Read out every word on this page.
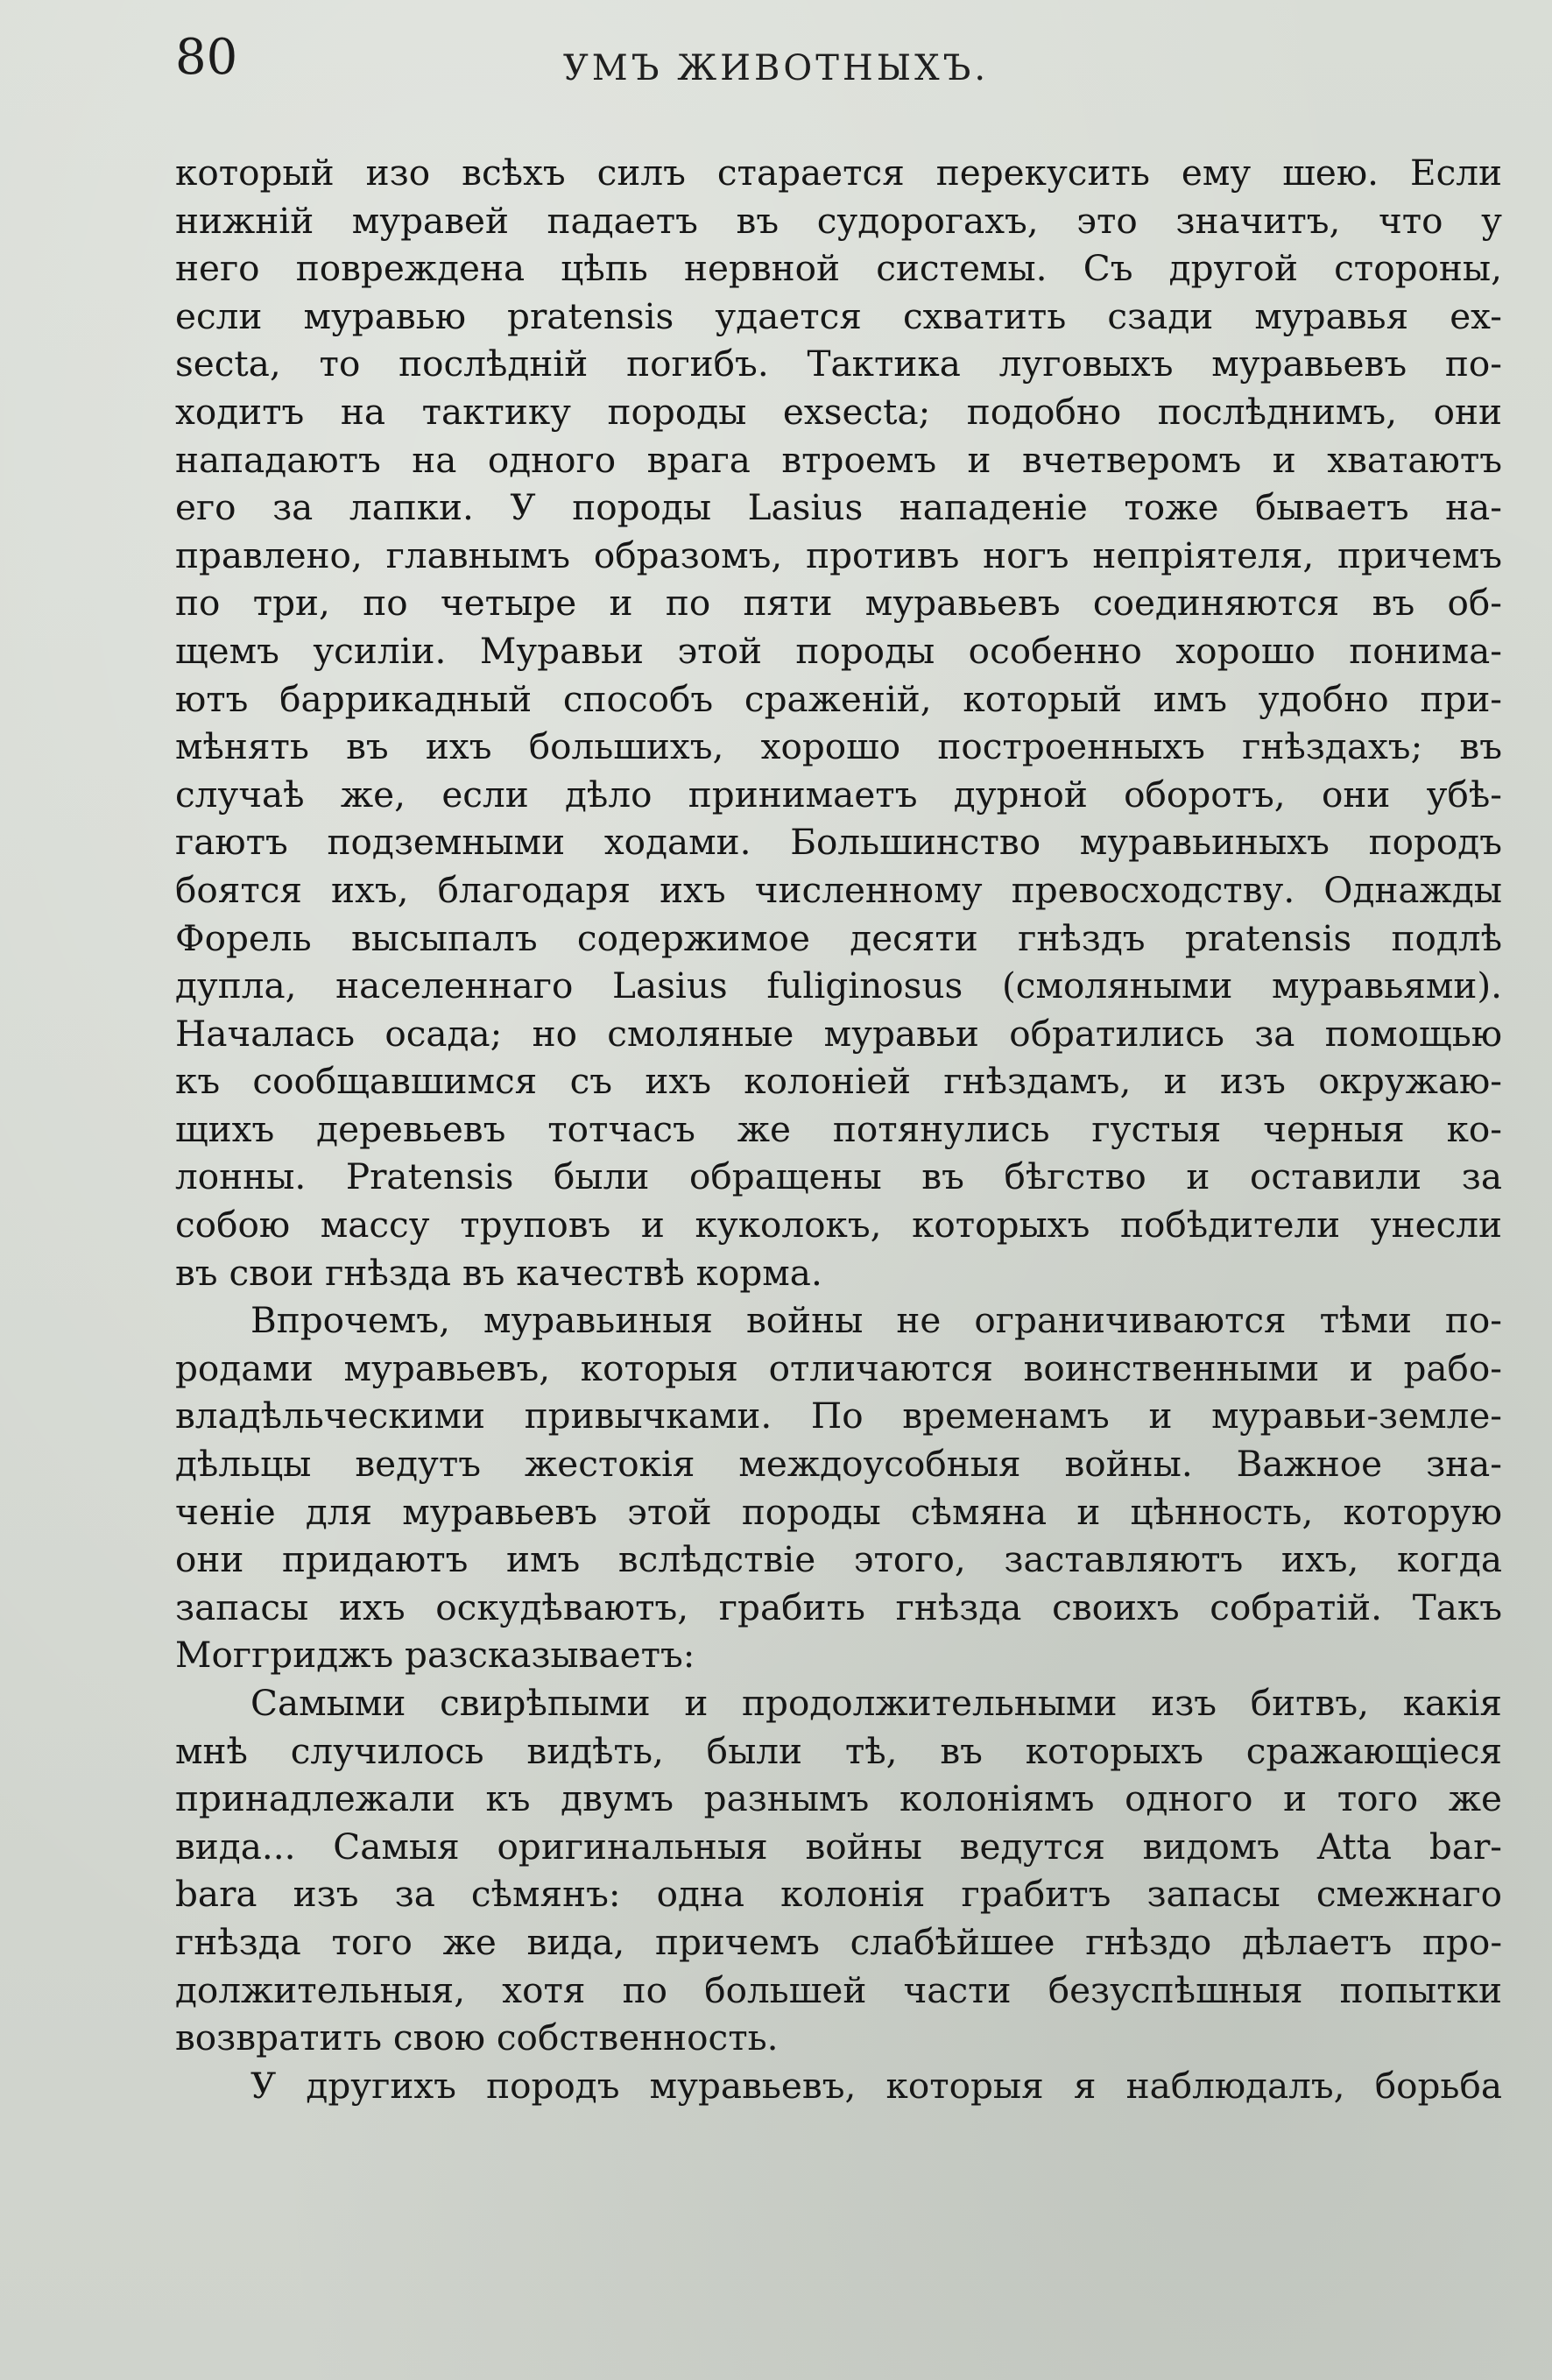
80	УМЪ ЖИВОТНЫХЪ.
который изо всѣхъ силъ старается перекусить ему шею. Если
нижній муравей падаетъ въ судорогахъ, это значитъ, что у
него повреждена цѣпь нервной системы. Съ другой стороны,
если муравью pratensis удается схватить сзади муравья ex-
secta, то послѣдній погибъ. Тактика луговыхъ муравьевъ по-
ходитъ на тактику породы exsecta; подобно послѣднимъ, они
нападаютъ на одного врага втроемъ и вчетверомъ и хватаютъ
его за лапки. У породы Lasius нападеніе тоже бываетъ на-
правлено, главнымъ образомъ, противъ ногъ непріятеля, причемъ
по три, по четыре и по пяти муравьевъ соединяются въ об-
щемъ усиліи. Муравьи этой породы особенно хорошо понима-
ютъ баррикадный способъ сраженій, который имъ удобно при-
мѣнять въ ихъ большихъ, хорошо построенныхъ гнѣздахъ; въ
случаѣ же, если дѣло принимаетъ дурной оборотъ, они убѣ-
гаютъ подземными ходами. Большинство муравьиныхъ породъ
боятся ихъ, благодаря ихъ численному превосходству. Однажды
Форель высыпалъ содержимое десяти гнѣздъ pratensis подлѣ
дупла, населеннаго Lasius fuliginosus (смоляными муравьями).
Началась осада; но смоляные муравьи обратились за помощью
къ сообщавшимся съ ихъ колоніей гнѣздамъ, и изъ окружаю-
щихъ деревьевъ тотчасъ же потянулись густыя черныя ко-
лонны. Pratensis были обращены въ бѣгство и оставили за
собою массу труповъ и куколокъ, которыхъ побѣдители унесли
въ свои гнѣзда въ качествѣ корма.
Впрочемъ, муравьиныя войны не ограничиваются тѣми по-
родами муравьевъ, которыя отличаются воинственными и рабо-
владѣльческими привычками. По временамъ и муравьи-земле-
дѣльцы ведутъ жестокія междоусобныя войны. Важное зна-
ченіе для муравьевъ этой породы сѣмяна и цѣнность, которую
они придаютъ имъ вслѣдствіе этого, заставляютъ ихъ, когда
запасы ихъ оскудѣваютъ, грабить гнѣзда своихъ собратій. Такъ
Моггриджъ разсказываетъ:
Самыми свирѣпыми и продолжительными изъ битвъ, какія
мнѣ случилось видѣть, были тѣ, въ которыхъ сражающіеся
принадлежали къ двумъ разнымъ колоніямъ одного и того же
вида... Самыя оригинальныя войны ведутся видомъ Atta bar-
bara изъ за сѣмянъ: одна колонія грабитъ запасы смежнаго
гнѣзда того же вида, причемъ слабѣйшее гнѣздо дѣлаетъ про-
должительныя, хотя по большей части безуспѣшныя попытки
возвратить свою собственность.
У другихъ породъ муравьевъ, которыя я наблюдалъ, борьба
